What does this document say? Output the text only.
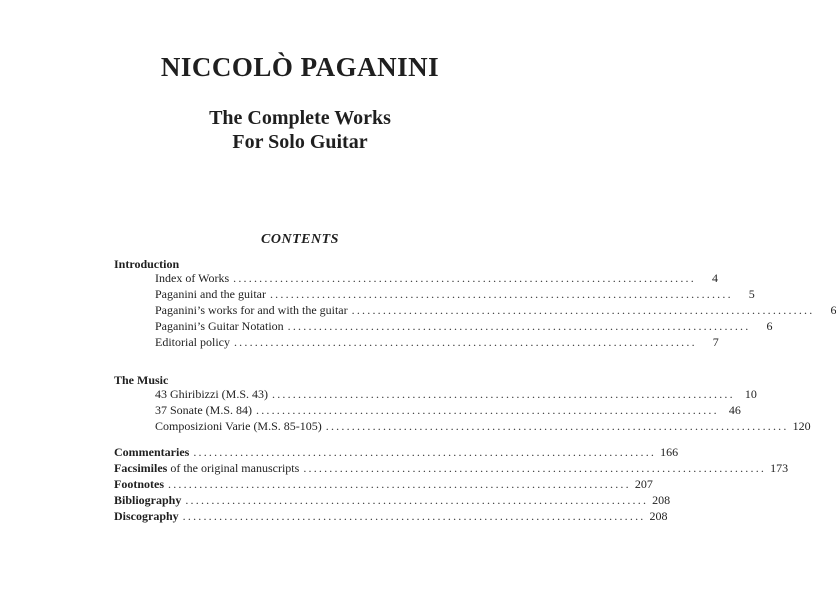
NICCOLÒ PAGANINI
The Complete Works
For Solo Guitar
CONTENTS
Introduction
Index of Works .........................................................................................	4
Paganini and the guitar .........................................................................................	5
Paganini’s works for and with the guitar .........................................................................................	6
Paganini’s Guitar Notation .........................................................................................	6
Editorial policy .........................................................................................	7
The Music
43 Ghiribizzi (M.S. 43) ......................................................................................... 10
37 Sonate (M.S. 84) ......................................................................................... 46
Composizioni Varie (M.S. 85-105) ......................................................................................... 120
Commentaries ......................................................................................... 166
Facsimiles of the original manuscripts ......................................................................................... 173
Footnotes ......................................................................................... 207
Bibliography ......................................................................................... 208
Discography ......................................................................................... 208
